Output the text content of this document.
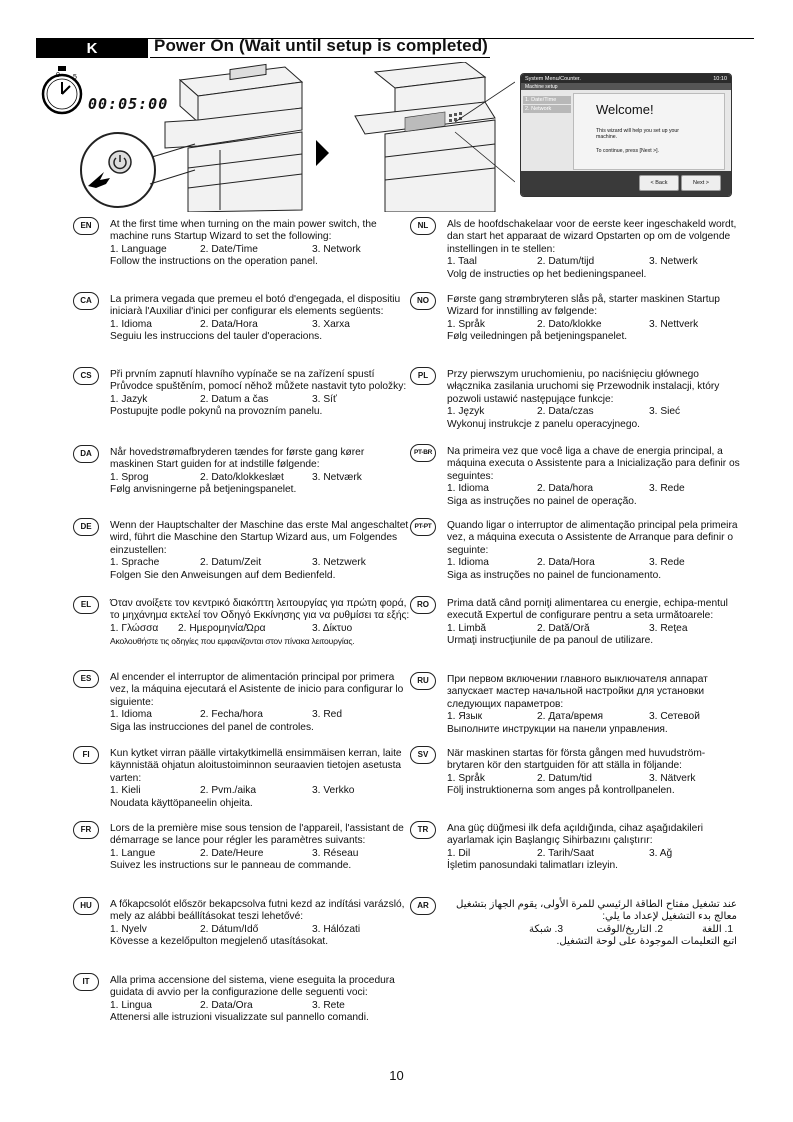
K	Power On (Wait until setup is completed)
0 5
00:05:00
System Menu/Counter.	10:10
Machine setup
1. Date/Time
2. Network	Welcome!
This wizard will help you set up your machine.
To continue, press [Next >].
< Back	Next >
EN	At the first time when turning on the main power switch, the machine runs Startup Wizard to set the following:

1. Language	2. Date/Time	3. Network

Follow the instructions on the operation panel.

CA	La primera vegada que premeu el botó d'engegada, el dispositiu iniciarà l'Auxiliar d'inici per configurar els elements següents:

1. Idioma	2. Data/Hora	3. Xarxa

Seguiu les instruccions del tauler d'operacions.

CS	Při prvním zapnutí hlavního vypínače se na zařízení spustí Průvodce spuštěním, pomocí něhož můžete nastavit tyto položky:

1. Jazyk	2. Datum a čas	3. Síť

Postupujte podle pokynů na provozním panelu.

DA	Når hovedstrømafbryderen tændes for første gang kører maskinen Start guiden for at indstille følgende:

1. Sprog	2. Dato/klokkeslæt	3. Netværk

Følg anvisningerne på betjeningspanelet.

DE	Wenn der Hauptschalter der Maschine das erste Mal angeschaltet wird, führt die Maschine den Startup Wizard aus, um Folgendes einzustellen:

1. Sprache	2. Datum/Zeit	3. Netzwerk

Folgen Sie den Anweisungen auf dem Bedienfeld.

EL	Όταν ανοίξετε τον κεντρικό διακόπτη λειτουργίας για πρώτη φορά, το μηχάνημα εκτελεί τον Οδηγό Εκκίνησης για να ρυθμίσει τα εξής:

1. Γλώσσα	2. Ημερομηνία/Ώρα	3. Δίκτυο

Ακολουθήστε τις οδηγίες που εμφανίζονται στον πίνακα λειτουργίας.

ES	Al encender el interruptor de alimentación principal por primera vez, la máquina ejecutará el Asistente de inicio para configurar lo siguiente:

1. Idioma	2. Fecha/hora	3. Red

Siga las instrucciones del panel de controles.

FI	Kun kytket virran päälle virtakytkimellä ensimmäisen kerran, laite käynnistää ohjatun aloitustoiminnon seuraavien tietojen asetusta varten:

1. Kieli	2. Pvm./aika	3. Verkko

Noudata käyttöpaneelin ohjeita.

FR	Lors de la première mise sous tension de l'appareil, l'assistant de démarrage se lance pour régler les paramètres suivants:

1. Langue	2. Date/Heure	3. Réseau

Suivez les instructions sur le panneau de commande.

HU	A főkapcsolót először bekapcsolva futni kezd az indítási varázsló, mely az alábbi beállításokat teszi lehetővé:

1. Nyelv	2. Dátum/Idő	3. Hálózati

Kövesse a kezelőpulton megjelenő utasításokat.

IT	Alla prima accensione del sistema, viene eseguita la procedura guidata di avvio per la configurazione delle seguenti voci:

1. Lingua	2. Data/Ora	3. Rete

Attenersi alle istruzioni visualizzate sul pannello comandi.

NL	Als de hoofdschakelaar voor de eerste keer ingeschakeld wordt, dan start het apparaat de wizard Opstarten op om de volgende instellingen in te stellen:

1. Taal	2. Datum/tijd	3. Netwerk

Volg de instructies op het bedieningspaneel.

NO	Første gang strømbryteren slås på, starter maskinen Startup Wizard for innstilling av følgende:

1. Språk	2. Dato/klokke	3. Nettverk

Følg veiledningen på betjeningspanelet.

PL	Przy pierwszym uruchomieniu, po naciśnięciu głównego włącznika zasilania uruchomi się Przewodnik instalacji, który pozwoli ustawić następujące funkcje:

1. Język	2. Data/czas	3. Sieć

Wykonuj instrukcje z panelu operacyjnego.

PT-BR	Na primeira vez que você liga a chave de energia principal, a máquina executa o Assistente para a Inicialização para definir os seguintes:

1. Idioma	2. Data/hora	3. Rede

Siga as instruções no painel de operação.

PT-PT	Quando ligar o interruptor de alimentação principal pela primeira vez, a máquina executa o Assistente de Arranque para definir o seguinte:

1. Idioma	2. Data/Hora	3. Rede

Siga as instruções no painel de funcionamento.

RO	Prima dată când porniţi alimentarea cu energie, echipa-mentul execută Expertul de configurare pentru a seta urmǎtoarele:

1. Limbă	2. Dată/Oră	3. Reţea

Urmaţi instrucţiunile de pa panoul de utilizare.

RU	При первом включении главного выключателя аппарат запускает мастер начальной настройки для установки следующих параметров:

1. Язык	2. Дата/время	3. Сетевой

Выполните инструкции на панели управления.

SV	När maskinen startas för första gången med huvudström-brytaren kör den startguiden för att ställa in följande:

1. Språk	2. Datum/tid	3. Nätverk

Följ instruktionerna som anges på kontrollpanelen.

TR	Ana güç düğmesi ilk defa açıldığında, cihaz aşağıdakileri ayarlamak için Başlangıç Sihirbazını çalıştırır:

1. Dil	2. Tarih/Saat	3. Ağ

İşletim panosundaki talimatları izleyin.

AR	عند تشغيل مفتاح الطاقة الرئيسي للمرة الأولى، يقوم الجهاز بتشغيل معالج بدء التشغيل لإعداد ما يلي:

1. اللغة
2. التاريخ/الوقت
3. شبكة

اتبع التعليمات الموجودة على لوحة التشغيل.

10
